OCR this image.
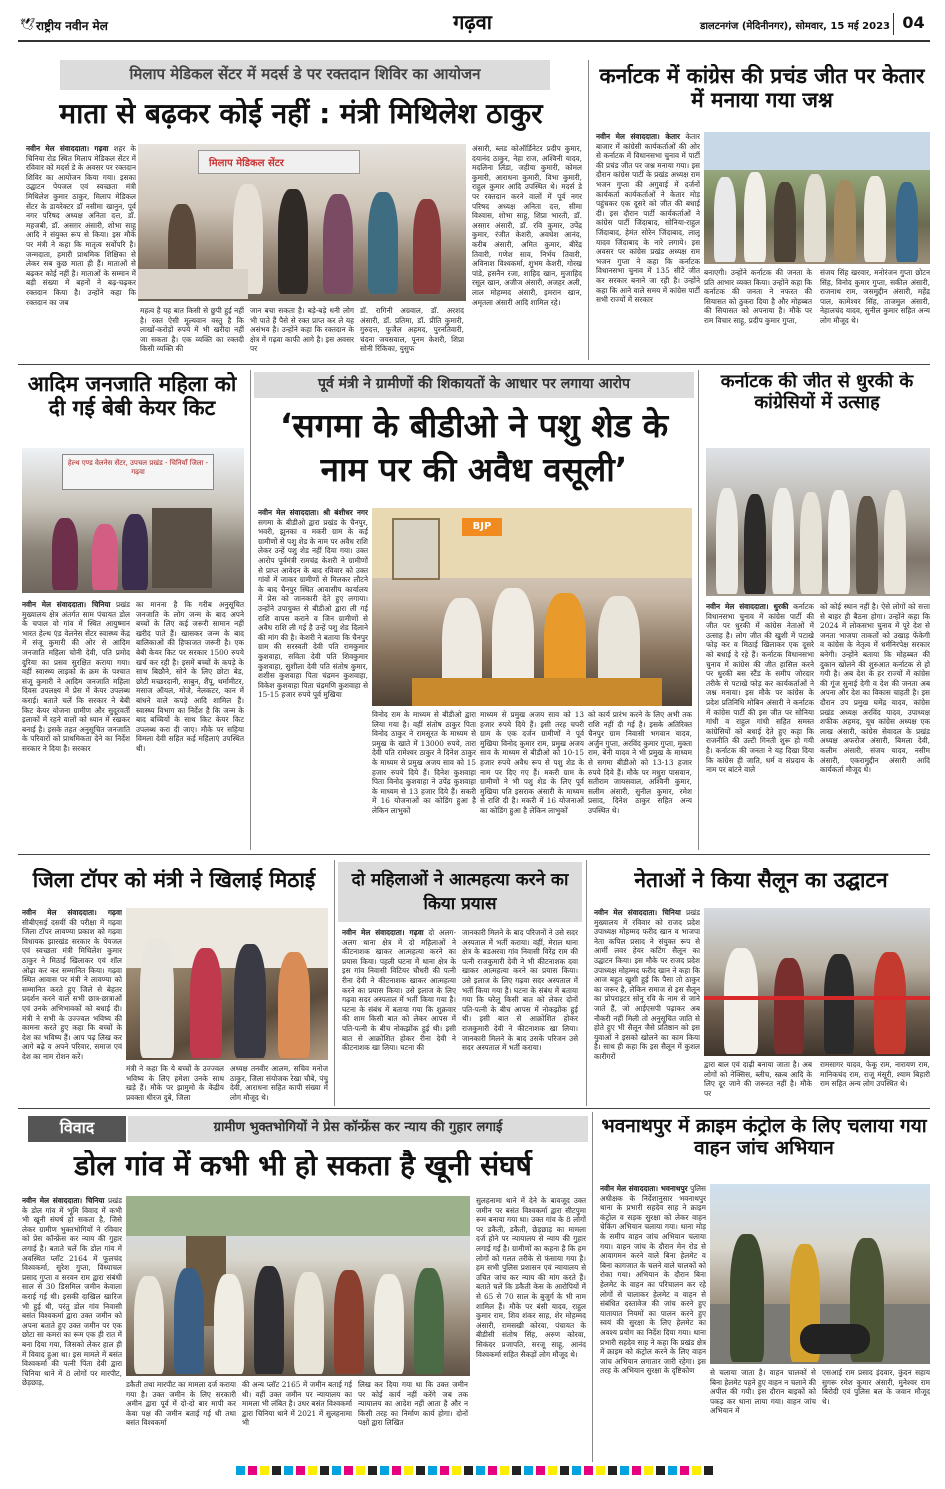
🕊 राष्ट्रीय नवीन मेल	गढ़वा	डालटनगंज (मेदिनीनगर), सोमवार, 15 मई 2023 04
मिलाप मेडिकल सेंटर में मदर्स डे पर रक्तदान शिविर का आयोजन
माता से बढ़कर कोई नहीं : मंत्री मिथिलेश ठाकुर
नवीन मेल संवाददाता। गढ़वा शहर के चिनिया रोड स्थित मिलाप मेडिकल सेंटर में रविवार को मदर्स डे के अवसर पर रक्तदान शिविर का आयोजन किया गया। इसका उद्घाटन पेयजल एवं स्वच्छता मंत्री मिथिलेश कुमार ठाकुर, मिलाप मेडिकल सेंटर के डायरेक्टर डॉ नसीमा खानुन, पूर्व नगर परिषद अध्यक्ष अनिता दत्त, डॉ. महजबी, डॉ. असग़र अंसारी, शोभा साहू आदि ने संयुक्त रूप से किया। इस मौके पर मंत्री ने कहा कि मातृत्व सर्वोपरि है। जन्मदाता, हमारी प्राथमिक शिक्षिका से लेकर सब कुछ माता ही हैं। माताओं से बढ़कर कोई नहीं है। माताओं के सम्मान में बड़ी संख्या में बहनों ने बढ़-चढ़कर रक्तदान किया है। उन्होंने कहा कि रक्तदान का जब
मिलाप मेडिकल सेंटर
महत्व है यह बात किसी से छुपी हुई नहीं है। रक्त ऐसी मूल्यवान वस्तु है कि लाखों-करोड़ों रुपये में भी खरीदा नहीं जा सकता है। एक व्यक्ति का रक्तदी किसी व्यक्ति की
जान बचा सकता है। बड़े-बड़े धनी लोग भी पाते हैं पैसे से रक्त प्राप्त कर ले यह असंभव है। उन्होंने कहा कि रक्तदान के क्षेत्र में गढ़वा काफी आगे है। इस अवसर पर
डॉ. रागिनी अग्रवाल, डॉ. अरशद अंसारी, डॉ. प्रतिमा, डॉ. प्रीति कुमारी, गुरुदत्त, फुजैल अहमद, पुरनतिवारी, चंदना जयसवाल, पूनम केशरी, शिप्रा सोनी रिंकिका, युसुफ
अंसारी, ब्लड कोऑर्डिनेटर प्रदीप कुमार, दयानंद ठाकुर, नेहा राज, अश्विनी यादव, मदलिना लिंडा, जहीया कुमारी, कोमल कुमारी, आराधना कुमारी, विभा कुमारी, राहुल कुमार आदि उपस्थित थे। मदर्स डे पर रक्तदान करने वालों में पूर्व नगर परिषद अध्यक्ष अनिता दत्त, सीमा विश्वास, शोभा साहू, शिप्रा भारती, डॉ. असग़र अंसारी, डॉ. रवि कुमार, उपेंद्र कुमार, रंजीत केशरी, अवधेश आनंद, करीब अंसारी, अमित कुमार, बीरेंद्र तिवारी, गणेश साव, निर्भय तिवारी, अविनाश विश्वकर्मा, शुभम केशरी, गोरख पांडे, हसनैन रजा, शाहिद खान, मुजाहिद रसूल खान, अजीज अंसारी, अजहर अली, लाल मोहम्मद अंसारी, इमरान खान, अमृतला अंसारी आदि शामिल रहे।
कर्नाटक में कांग्रेस की प्रचंड जीत पर केतार में मनाया गया जश्न
नवीन मेल संवाददाता। केतार केतार बाजार में कांग्रेसी कार्यकर्ताओं की ओर से कर्नाटक में विधानसभा चुनाव में पार्टी की प्रचंड जीत पर जश्न मनाया गया। इस दौरान कांग्रेस पार्टी के प्रखंड अध्यक्ष राम भजन गुप्ता की अगुवाई में दर्जनों कार्यकर्ता कार्यकर्ताओं ने केतार मोड़ पहुंचकर एक दूसरे को जीत की बधाई दी। इस दौरान पार्टी कार्यकर्ताओं ने कांग्रेस पार्टी जिंदाबाद, सोनिया-राहुल जिंदाबाद, हेमंत सोरेन जिंदाबाद, लालू यादव जिंदाबाद के नारे लगाये। इस अवसर पर कांग्रेस प्रखंड अध्यक्ष राम भजन गुप्ता ने कहा कि कर्नाटक विधानसभा चुनाव में 135 सीटें जीत कर सरकार बनाने जा रही है। उन्होंने कहा कि आने वाले समय में कांग्रेस पार्टी सभी राज्यों में सरकार
बनाएगी। उन्होंने कर्नाटक की जनता के प्रति आभार व्यक्त किया। उन्होंने कहा कि कर्नाटक की जनता ने नफरत की सियासत को ठुकरा दिया है और मोहब्बत की सियासत को अपनाया है। मौके पर राम विचार साहू, प्रदीप कुमार गुप्ता,
संजय सिंह खरवार, मनोरंजन गुप्ता छोटन सिंह, विनोद कुमार गुप्ता, सकील अंसारी, राजनाथ राम, जसमुद्दीन अंसारी, महेंद्र पाल, कामेश्वर सिंह, ताजमुल अंसारी, नेहालचंद यादव, सुनील कुमार सहित अन्य लोग मौजूद थे।
आदिम जनजाति महिला को दी गई बेबी केयर किट
हेल्थ एण्ड वेलनेस सेंटर, उपचल प्रखंड - चिनियाँ जिला - गढ़वा
नवीन मेल संवाददाता। चिनिया प्रखंड मुख्यालय क्षेत्र अंतर्गत साम पंचायत डोल के चपाल वो गांव में स्थित आयुष्मान भारत हेल्थ एंड वेलनेस सेंटर स्वास्थ्य केंद्र में संजू कुमारी की ओर से आदिम जनजाति महिला चोनी देवी, पति प्रमोद दुरिया का प्रसव सुरक्षित कराया गया। वहीं स्वास्थ्य लाइको के क्रम के पश्चात संजू कुमारी ने आदिम जनजाति महिला दिवस उपलक्ष्य में प्रेस में केयर उपलब्ध कराई। बताते चलें कि सरकार ने बेबी किट केयर योजना ग्रामीण और सुदूरवर्ती इलाकों में रहने वालों को ध्यान में रखकर बनाई है। इसके तहत अनुसूचित जनजाति के परिवारों को प्राथमिकता देने का निर्देश सरकार ने दिया है। सरकार
का मानना है कि गरीब अनुसूचित जनजाति के लोग जन्म के बाद अपने बच्चों के लिए कई जरूरी सामान नहीं खरीद पाते हैं। खासकर जन्म के बाद बालिकाओं की हिफाजत जरूरी है। एक बेबी केयर किट पर सरकार 1500 रुपये खर्च कर रही है। इसमें बच्चों के कपड़े के साथ बिछौने, सोने के लिए छोटा बेड, छोटी मच्छरदानी, साबुन, शैंपू, थर्मामीटर, मसाज ऑयल, मोजे, नेलकटर, कान में बांधने वाले कपड़े आदि शामिल हैं। स्वास्थ्य विभाग का निर्देश है कि जन्म के बाद बच्चियों के साथ किट केयर किट उपलब्ध करा दी जाए। मौके पर सहिया विमला देवी सहित कई महिलाएं उपस्थित थी।
पूर्व मंत्री ने ग्रामीणों की शिकायतों के आधार पर लगाया आरोप
‘सगमा के बीडीओ ने पशु शेड के नाम पर की अवैध वसूली’
नवीन मेल संवाददाता। श्री बंशीधर नगर सगमा के बीडीओ द्वारा प्रखंड के चैनपुर, भवरी, झुनका व मकरी ग्राम के कई ग्रामीणों से पशु शेड के नाम पर अवैध राशि लेकर उन्हें पशु शेड नहीं दिया गया। उक्त आरोप पूर्वमंत्री रामचंद्र केशरी ने ग्रामीणों से प्राप्त आवेदन के बाद रविवार को उक्त गांवों में जाकर ग्रामीणों से मिलकर लौटने के बाद चैनपुर स्थित आवासीय कार्यालय में प्रेस को जानकारी देते हुए लगाया। उन्होंने उपायुक्त से बीडीओ द्वारा ली गई राशि वापस कराने व जिन ग्रामीणों से अवैध राशि ली गई है उन्हें पशु शेड दिलाने की मांग की है। केशरी ने बताया कि चैनपुर ग्राम की सरस्वती देवी पति रामकुमार कुशवाहा, सविता देवी पति शिवकुमार कुशवाहा, सुशीला देवी पति संतोष कुमार, शशीस कुशवाहा पिता चंद्रमन कुशवाहा, विकेश कुशवाहा पिता चंद्रमणि कुशवाहा से 15-15 हजार रुपये पूर्व मुखिया
BJP
विनोद राम के माध्यम से बीडीओ द्वारा लिया गया है। वहीं संतोष ठाकुर पिता विनोद ठाकुर ने रामसूरत के माध्यम से प्रमुख के खाते में 13000 रुपये, तारा देवी पति रामेश्वर ठाकुर ने दिनेश ठाकुर के माध्यम से प्रमुख अजय साव को 15 हजार रुपये दिये हैं। दिनेश कुशवाहा पिता विनोद कुशवाहा ने उपेंद्र कुशवाहा के माध्यम से 13 हजार दिये हैं। सकरी में 16 योजनाओं का कोडिंग हुआ है लेकिन लाभुकों
माध्यम से प्रमुख अजय साव को 13 हजार रुपये दिये हैं। इसी तरह चपरी ग्राम के एक दर्जन ग्रामीणों ने पूर्व मुखिया विनोद कुमार राम, प्रमुख अजय साव के माध्यम से बीडीओ को 10-15 हजार रुपये अवैध रूप से पशु शेड के नाम पर दिए गए हैं। मकरी ग्राम के ग्रामीणों ने भी पशु शेड के लिए पूर्व मुखिया पति इसराक अंसारी के माध्यम से राशि दी है। मकरी में 16 योजनाओं का कोडिंग हुआ है लेकिन लाभुकों
को कार्य प्रारंभ करने के लिए अभी तक राशि नहीं दी गई है। इसके अतिरिक्त चैनपुर ग्राम निवासी भगवान यादव, अर्जुन गुप्ता, अरविंद कुमार गुप्ता, मुक्ता राम, बेनी यादव ने भी प्रमुख के माध्यम से सगमा बीडीओ को 13-13 हजार रुपये दिये हैं। मौके पर मधुरा पासवान, सतीराम जायसवाल, अश्विनी कुमार, सलीम अंसारी, सुनील कुमार, रमेश प्रसाद, दिनेश ठाकुर सहित अन्य उपस्थित थे।
कर्नाटक की जीत से धुरकी के कांग्रेसियों में उत्साह
नवीन मेल संवाददाता। धुरकी कर्नाटक विधानसभा चुनाव में कांग्रेस पार्टी की जीत पर धुरकी में कांग्रेस नेताओं में उत्साह है। लोग जीत की खुशी में पटाखे फोड़ कर व मिठाई खिलाकर एक दूसरे को बधाई दे रहे हैं। कर्नाटक विधानसभा चुनाव में कांग्रेस की जीत हासिल करने पर धुरकी बस स्टैंड के समीप जोरदार तरीके से पटाखे फोड़ कर कार्यकर्ताओं ने जश्न मनाया। इस मौके पर कांग्रेस के प्रदेश प्रतिनिधि मोबिन अंसारी ने कर्नाटक में कांग्रेस पार्टी की इस जीत पर सोनिया गांधी व राहुल गांधी सहित समस्त कांग्रेसियों को बधाई देते हुए कहा कि राजनीति की उल्टी गिनती शुरू हो गयी है। कर्नाटक की जनता ने यह दिखा दिया कि कांग्रेस ही जाति, धर्म व संप्रदाय के नाम पर बांटने वाले
को कोई स्थान नहीं है। ऐसे लोगों को सत्ता से बाहर ही बैठना होगा। उन्होंने कहा कि 2024 में लोकसभा चुनाव में पूरे देश से जनता भाजपा ताकतों को उखाड़ फेंकेगी व कांग्रेस के नेतृत्व में धर्मनिरपेक्ष सरकार बनेगी। उन्होंने बताया कि मोहब्बत की दुकान खोलने की शुरुआत कर्नाटक से हो गयी है। अब देश के हर राज्यों में कांग्रेस की गूंज सुनाई देगी व देश की जनता अब अपना और देश का विकास चाहती है। इस दौरान उप प्रमुख घमेंद्र यादव, कांग्रेस प्रखंड अध्यक्ष अरविंद यादव, उपाध्यक्ष शफीक अहमद, यूथ कांग्रेस अध्यक्ष एक लाख अंसारी, कांग्रेस सेवादल के प्रखंड अध्यक्ष अफरोज अंसारी, बिमला देवी, कलीम अंसारी, संजय यादव, नसीम अंसारी, एकरामुद्दीन अंसारी आदि कार्यकर्ता मौजूद थे।
जिला टॉपर को मंत्री ने खिलाई मिठाई
नवीन मेल संवाददाता। गढ़वा सीबीएसई दसवीं की परीक्षा में गढ़वा जिला टॉपर लावण्या प्रकाश को गढ़वा विधायक झारखंड सरकार के पेयजल एवं स्वच्छता मंत्री मिथिलेश कुमार ठाकुर ने मिठाई खिलाकर एवं शॉल ओढ़ा कर कर सम्मानित किया। गढ़वा स्थित आवास पर मंत्री ने लावण्या को सम्मानित करते हुए जिले से बेहतर प्रदर्शन करने वाले सभी छात्र-छात्राओं एवं उनके अभिभावकों को बधाई दी। मंत्री ने सभी के उज्ज्वल भविष्य की कामना करते हुए कहा कि बच्चों के देश का भविष्य हैं। आप पढ़ लिख कर आगे बढ़े व अपने परिवार, समाज एवं देश का नाम रोशन करें।
मंत्री ने कहा कि ये बच्चों के उज्ज्वल भविष्य के लिए हमेशा उनके साथ खड़े हैं। मौके पर झामुमो के केंद्रीय प्रवक्ता धीरज दुबे, जिला
अध्यक्ष तनवीर आलम, सचिव मनोज ठाकुर, जिला संयोजक रेखा चौबे, पंचु देवी, आराधना सहित कापी संख्या में लोग मौजूद थे।
दो महिलाओं ने आत्महत्या करने का किया प्रयास
नवीन मेल संवाददाता। गढ़वा दो अलग-अलग थाना क्षेत्र में दो महिलाओं ने कीटनाशक खाकर आत्महत्या करने का प्रयास किया। पहली घटना में थाना क्षेत्र के इस गांव निवासी विटियर चौधरी की पत्नी रीना देवी ने कीटनाशक खाकर आत्महत्या करने का प्रयास किया। उसे इलाज के लिए गढ़वा सदर अस्पताल में भर्ती किया गया है। घटना के संबंध में बताया गया कि शुक्रवार की शाम किसी बात को लेकर आपस में पति-पत्नी के बीच नोकझोंक हुई थी। इसी बात से आक्रोशित होकर रीना देवी ने कीटनाशक खा लिया। घटना की
जानकारी मिलने के बाद परिजनों ने उसे सदर अस्पताल में भर्ती कराया। वहीं, मेराल थाना क्षेत्र के बडअरवा गांव निवासी विरेंद्र राम की पत्नी राजकुमारी देवी ने भी कीटनाशक दवा खाकर आत्महत्या करने का प्रयास किया। उसे इलाज के लिए गढ़वा सदर अस्पताल में भर्ती किया गया है। घटना के संबंध में बताया गया कि घरेलू किसी बात को लेकर दोनों पति-पत्नी के बीच आपस में नोकझोंक हुई थी। इसी बात से आक्रोशित होकर राजकुमारी देवी ने कीटनाशक खा लिया। जानकारी मिलने के बाद उसके परिजन उसे सदर अस्पताल में भर्ती कराया।
नेताओं ने किया सैलून का उद्घाटन
नवीन मेल संवाददाता। चिनिया प्रखंड मुख्यालय में रविवार को राजद प्रदेश उपाध्यक्ष मोहम्मद फरीद खान व भाजपा नेता कपिल प्रसाद ने संयुक्त रूप से आर्मी लवर हेयर कटिंग सैलून का उद्घाटन किया। इस मौके पर राजद प्रदेश उपाध्यक्ष मोहम्मद फरीद खान ने कहा कि आज बहुत खुशी हुई कि पैसा तो ठाकुर का जरूर है, लेकिन समाज से इस सैलून का प्रोपराइटर सोनू रवि के नाम से जाने जाते हैं, जो आईएसपी पढ़ाकर अब नौकरी नहीं मिली तो अनुसूचित जाति से होते हुए भी सैलून जैसे प्रतिष्ठान को इस युवाओं ने इसको खोलने का काम किया है। साथ ही कहा कि इस सैलून में कुशल कारीगरों
द्वारा बाल एवं दाढ़ी बनाया जाता है। अब लोगों को नेक्सिस, ब्लीच, स्क्रब आदि के लिए दूर जाने की जरूरत नहीं है। मौके पर
रामसागर यादव, फेकू राम, नारायण राम, मानिकचंद राम, राजू मंसूरी, श्याम बिहारी राम सहित अन्य लोग उपस्थित थे।
विवाद	ग्रामीण भुक्तभोगियों ने प्रेस कॉन्फ्रेंस कर न्याय की गुहार लगाई
डोल गांव में कभी भी हो सकता है खूनी संघर्ष
नवीन मेल संवाददाता। चिनिया प्रखंड के डोल गांव में भूमि विवाद में कभी भी खूनी संघर्ष हो सकता है, जिसे लेकर ग्रामीण भुक्तभोगियों ने रविवार को प्रेस कॉन्फ्रेंस कर न्याय की गुहार लगाई है। बताते चलें कि डोल गांव में अवस्थित प्लॉट 2164 में फूलचंद विश्वकर्मा, सुरेश गुप्ता, विंध्याचल प्रसाद गुप्ता व सरवन राम द्वारा संबंधी साल से 30 डिसमिल जमीन केवाला कराई गई थी। इसकी दाखिल खारिज भी हुई थी, परंतु डोल गांव निवासी बसंत विश्वकर्मा द्वारा उक्त जमीन को अपना बताते हुए उक्त जमीन पर एक छोटा सा कमरा का रूम एक ही रात में बना दिया गया, जिसको लेकर हाल ही में विवाद हुआ था। इस मामले में बसंत विश्वकर्मा की पत्नी पिंता देवी द्वारा चिनिया थाने में 8 लोगों पर मारपीट, छेड़छाड़,	डकैती तथा मारपीट का मामला दर्ज कराया गया है। उक्त जमीन के लिए सरकारी अमीन द्वारा पूर्व में दो-दो बार मापी कर केवा पक्ष की जमीन बताई गई थी तथा बसंत विश्वकर्मा
की अन्य प्लॉट 2165 में जमीन बताई गई थी। वहीं उक्त जमीन पर न्यायालय का मामला भी लंबित है। उधर बसंत विश्वकर्मा द्वारा चिनिया थाने में 2021 में सुलहनामा भी
लिख कर दिया गया था कि उक्त जमीन पर कोई कार्य नहीं करेंगे जब तक न्यायालय का आदेश नहीं आता है और न किसी तरह का निर्माण कार्य होगा। दोनों पक्षों द्वारा लिखित
सुलहनामा थाने में देने के बावजूद उक्त जमीन पर बसंत विश्वकर्मा द्वारा सीटपुमा रूम बनाया गया था। उक्त गांव के 8 लोगों पर डकैती, डकैती, छेड़छाड़ का मामला दर्ज होने पर न्यायालय से न्याय की गुहार लगाई गई है। ग्रामीणों का कहना है कि हम लोगों को गलत तरीके से फंसाया गया है। हम सभी पुलिस प्रशासन एवं न्यायालय से उचित जांच कर न्याय की मांग करते हैं। बताते चलें कि डकैती केस के आरोपियों में से 65 से 70 साल के बुजुर्ग के भी नाम शामिल हैं। मौके पर बंसी यादव, राहुल कुमार राम, शिव शंकर साह, शेर मोहम्मद अंसारी, रामसखी कोरवा, पंचायत के बीडीसी संतोष सिंह, अरुण कोरवा, सिकंदर प्रजापति, सरजू साहू, आनंद विश्वकर्मा सहित सैकड़ों लोग मौजूद थे।
भवनाथपुर में क्राइम कंट्रोल के लिए चलाया गया वाहन जांच अभियान
नवीन मेल संवाददाता। भवनाथपुर पुलिस अधीक्षक के निर्देशानुसार भवनाथपुर थाना के प्रभारी सहदेव साह ने क्राइम कंट्रोल व सड़क सुरक्षा को लेकर वाहन चेकिंग अभियान चलाया गया। थाना मोड़ के समीप वाहन जांच अभियान चलाया गया। वाहन जांच के दौरान मेन रोड से आवागमन करने वाले बिना हेलमेट व बिना कागजात के चलने वाले चालकों को रोका गया। अभियान के दौरान बिना हेलमेट के वाहन का परिचालन कर रहे लोगों से चालाकर हेलमेट व वाहन से संबंधित दस्तावेज की जांच करने हुए यातायात नियमों का पालन करने हुए स्वयं की सुरक्षा के लिए हेलमेट का अवश्य प्रयोग का निर्देश दिया गया। थाना प्रभारी सहदेव साह ने कहा कि प्रखंड क्षेत्र में क्राइम को कंट्रोल करने के लिए वाहन जांच अभियान लगातार जारी रहेगा। इस तरह के अभियान सुरक्षा के दृष्टिकोण	से चलाया जाता है। वाहन चालकों से बिना हेलमेट पहने हुए वाहन न चलाने की अपील की गयी। इस दौरान बाइकों को पकड़ कर थाना लाया गया। वाहन जांच अभियान में
एसआई राम प्रसाद इंदवार, कुंदन सहाय सुगरू रमेश कुमार अंसारी, मुनेश्वर राम बिरोदी एवं पुलिस बल के जवान मौजूद थे।
